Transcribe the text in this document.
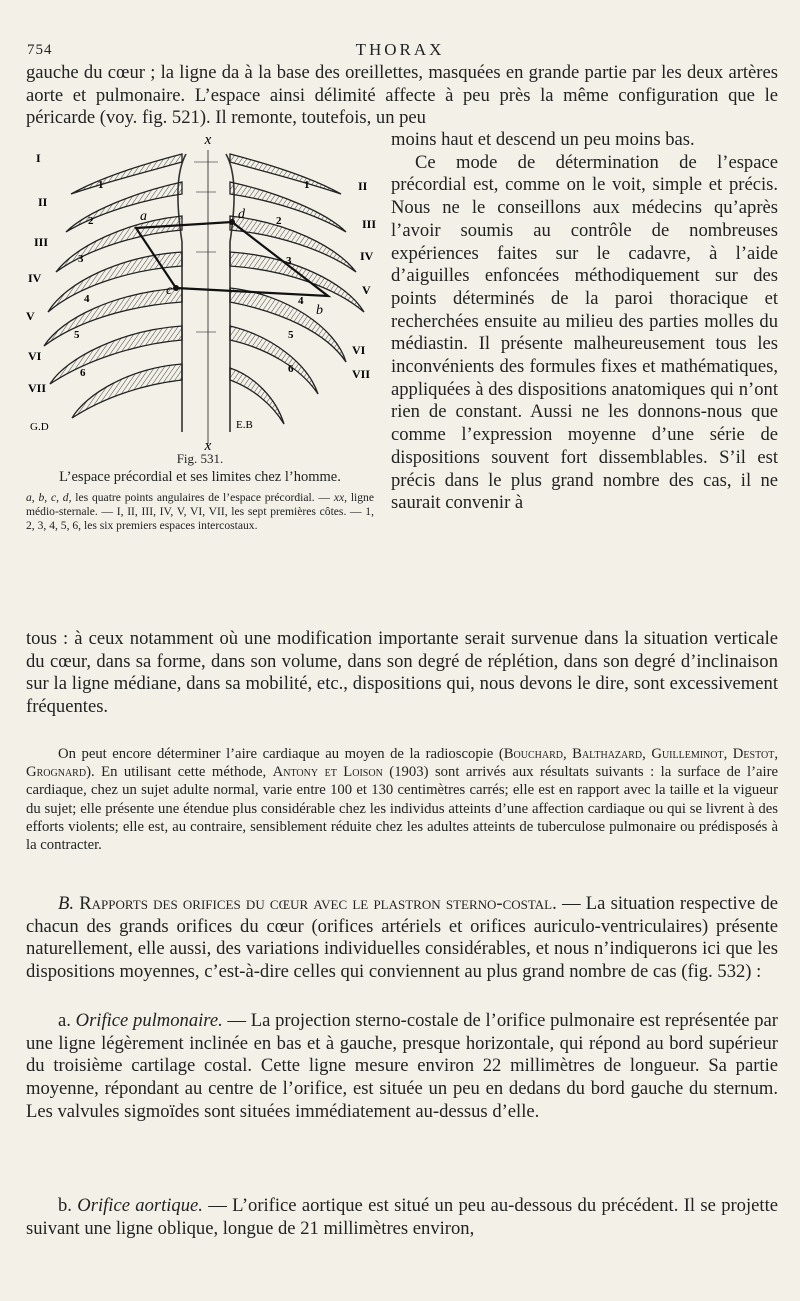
754	THORAX

gauche du cœur ; la ligne da à la base des oreillettes, masquées en grande partie par les deux artères aorte et pulmonaire. L’espace ainsi délimité affecte à peu près la même configuration que le péricarde (voy. fig. 521). Il remonte, toutefois, un peu

x
x
a
b
c
d
I
II
III
IV
V
VI
VII
II
III
IV
V
VI
VII
1
2
3
4
5
6
1
2
3
4
5
6
G.D	E.B
Fig. 531.
L’espace précordial et ses limites chez l’homme.
a, b, c, d, les quatre points angulaires de l’espace précordial. — xx, ligne médio-sternale. — I, II, III, IV, V, VI, VII, les sept premières côtes. — 1, 2, 3, 4, 5, 6, les six premiers espaces intercostaux.
moins haut et descend un peu moins bas.
Ce mode de détermination de l’espace précordial est, comme on le voit, simple et précis. Nous ne le conseillons aux médecins qu’après l’avoir soumis au contrôle de nombreuses expériences faites sur le cadavre, à l’aide d’aiguilles enfoncées méthodiquement sur des points déterminés de la paroi thoracique et recherchées ensuite au milieu des parties molles du médiastin. Il présente malheureusement tous les inconvénients des formules fixes et mathématiques, appliquées à des dispositions anatomiques qui n’ont rien de constant. Aussi ne les donnons-nous que comme l’expression moyenne d’une série de dispositions souvent fort dissemblables. S’il est précis dans le plus grand nombre des cas, il ne saurait convenir à

tous : à ceux notamment où une modification importante serait survenue dans la situation verticale du cœur, dans sa forme, dans son volume, dans son degré de réplétion, dans son degré d’inclinaison sur la ligne médiane, dans sa mobilité, etc., dispositions qui, nous devons le dire, sont excessivement fréquentes.

On peut encore déterminer l’aire cardiaque au moyen de la radioscopie (Bouchard, Balthazard, Guilleminot, Destot, Grognard). En utilisant cette méthode, Antony et Loison (1903) sont arrivés aux résultats suivants : la surface de l’aire cardiaque, chez un sujet adulte normal, varie entre 100 et 130 centimètres carrés; elle est en rapport avec la taille et la vigueur du sujet; elle présente une étendue plus considérable chez les individus atteints d’une affection cardiaque ou qui se livrent à des efforts violents; elle est, au contraire, sensiblement réduite chez les adultes atteints de tuberculose pulmonaire ou prédisposés à la contracter.

B. Rapports des orifices du cœur avec le plastron sterno-costal. — La situation respective de chacun des grands orifices du cœur (orifices artériels et orifices auriculo-ventriculaires) présente naturellement, elle aussi, des variations individuelles considérables, et nous n’indiquerons ici que les dispositions moyennes, c’est-à-dire celles qui conviennent au plus grand nombre de cas (fig. 532) :

a. Orifice pulmonaire. — La projection sterno-costale de l’orifice pulmonaire est représentée par une ligne légèrement inclinée en bas et à gauche, presque horizontale, qui répond au bord supérieur du troisième cartilage costal. Cette ligne mesure environ 22 millimètres de longueur. Sa partie moyenne, répondant au centre de l’orifice, est située un peu en dedans du bord gauche du sternum. Les valvules sigmoïdes sont situées immédiatement au-dessus d’elle.

b. Orifice aortique. — L’orifice aortique est situé un peu au-dessous du précédent. Il se projette suivant une ligne oblique, longue de 21 millimètres environ,
